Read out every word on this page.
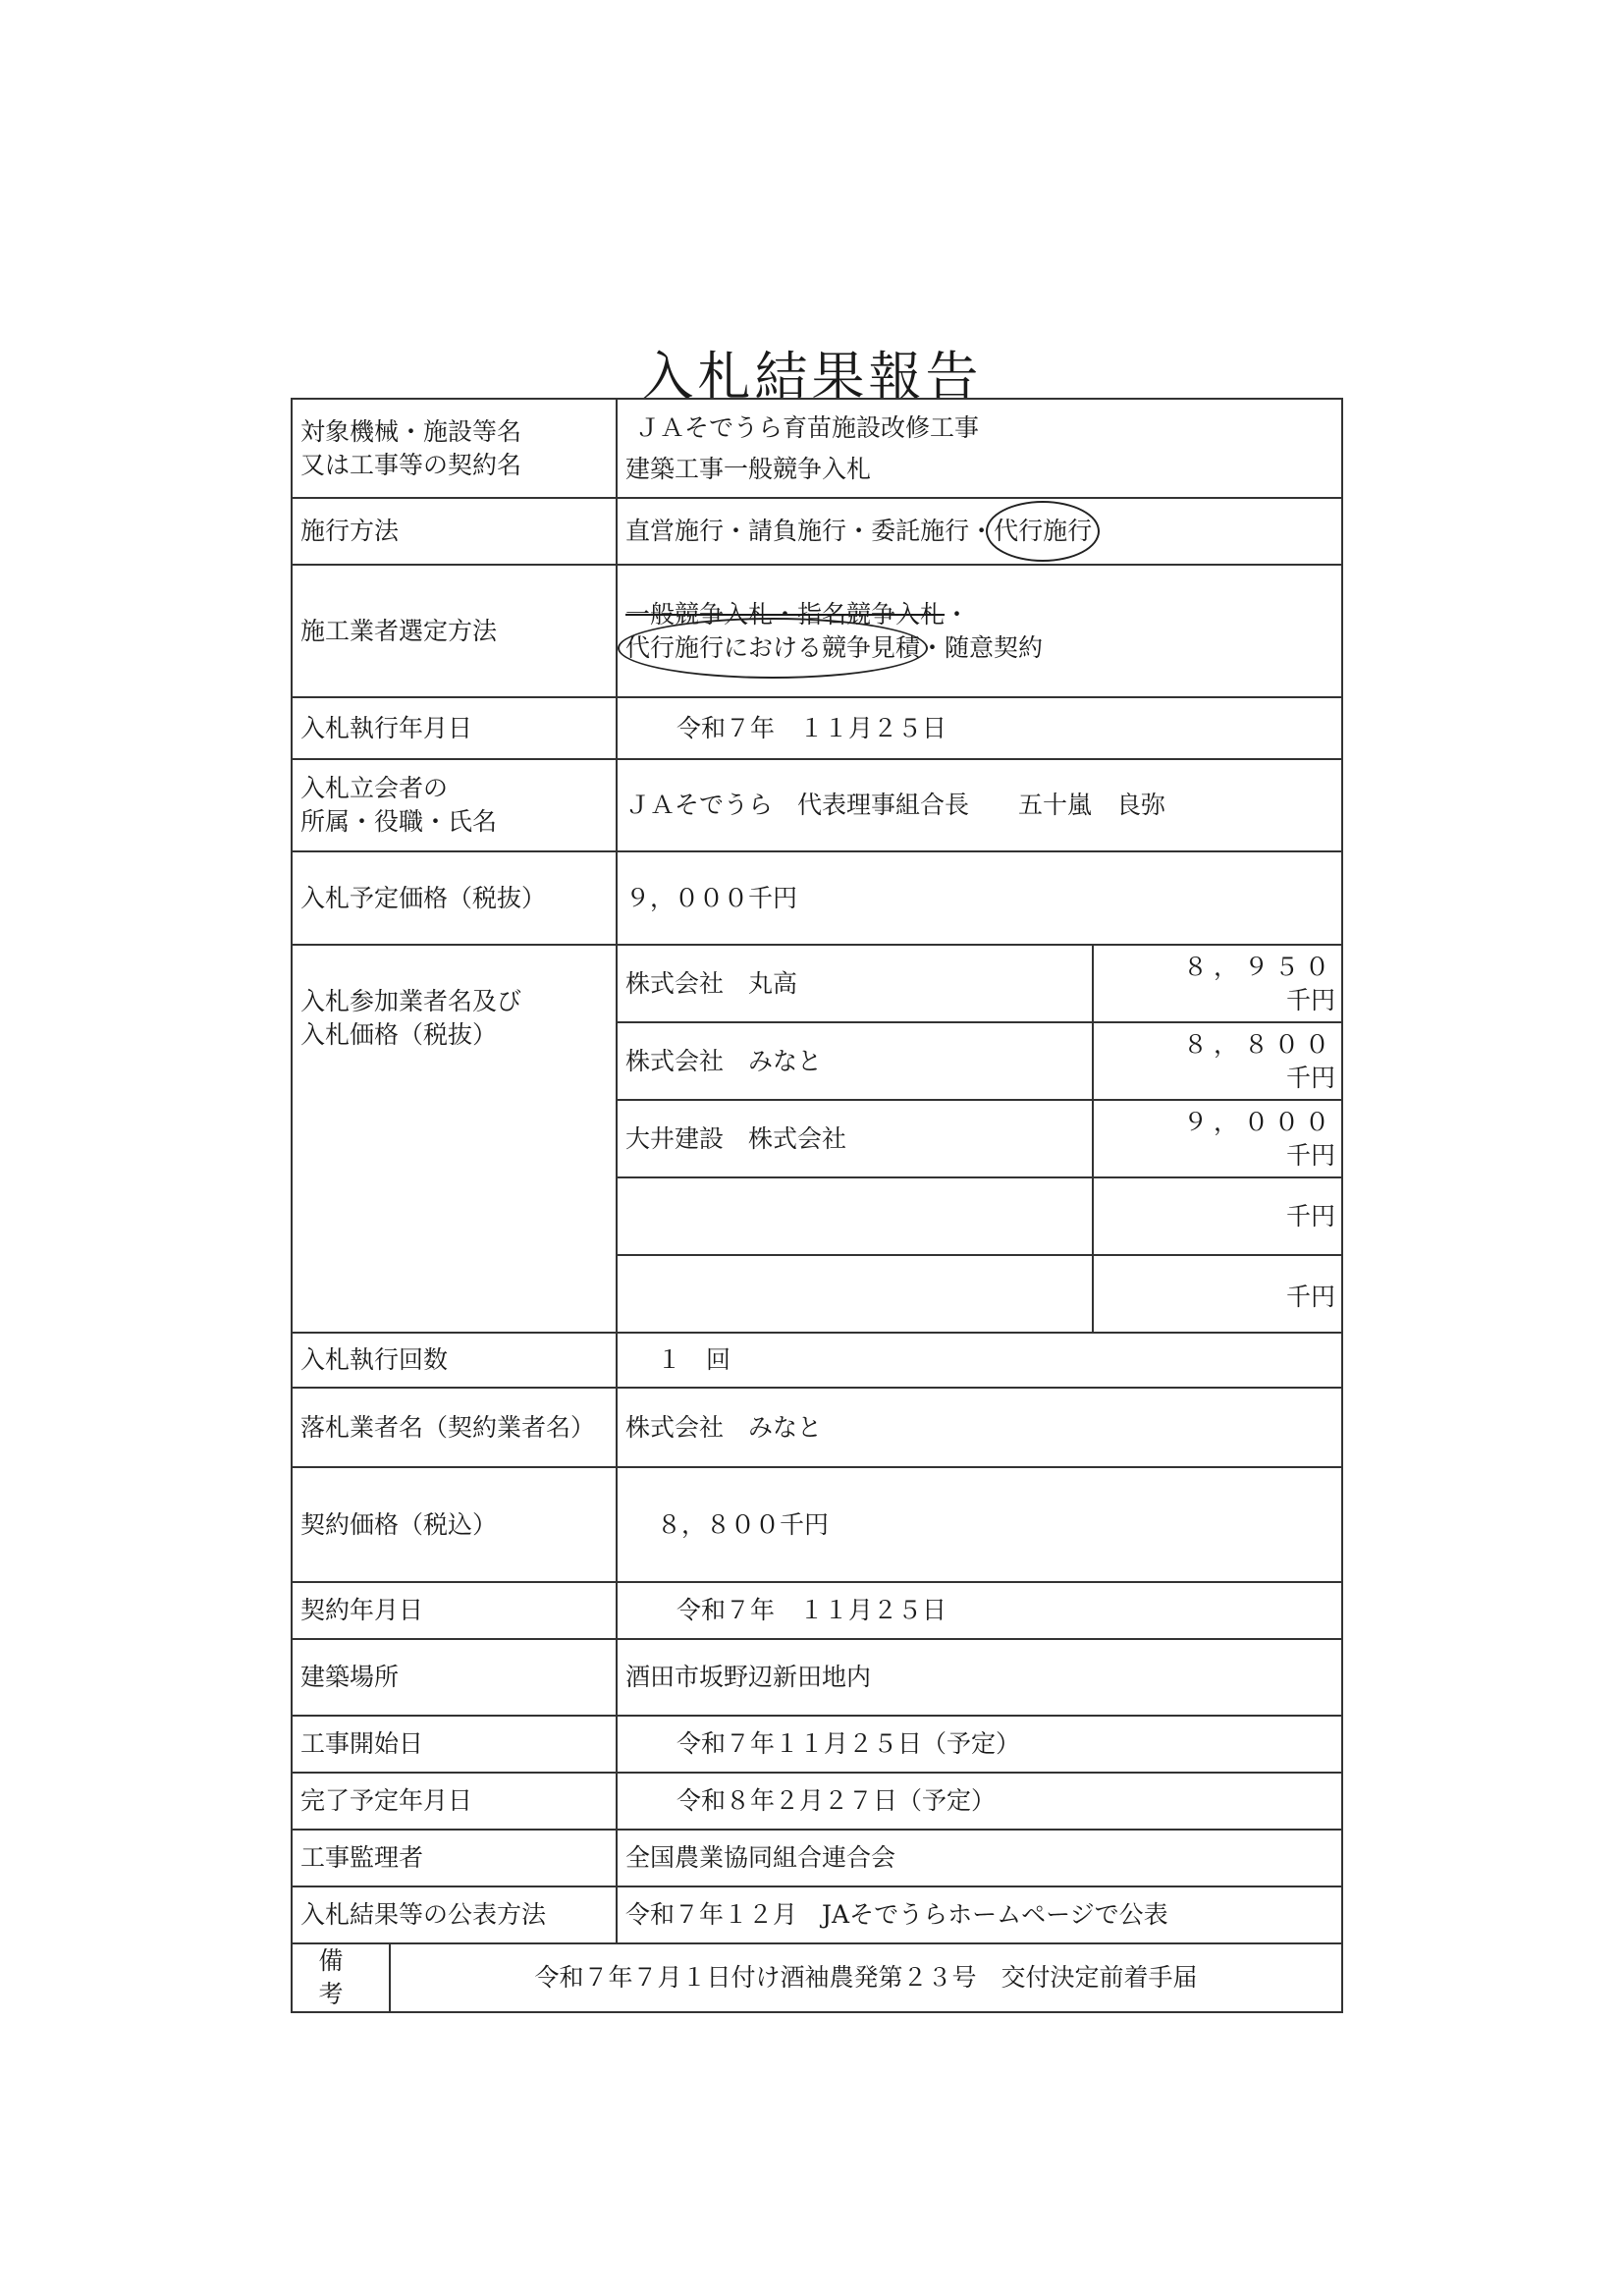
入札結果報告
対象機械・施設等名
又は工事等の契約名

ＪＡそでうら育苗施設改修工事
建築工事一般競争入札

施行方法		直営施行・請負施行・委託施行・代行施行	
施工業者選定方法		一般競争入札・指名競争入札・
代行施行における競争見積・随意契約	

入札執行年月日		令和７年　１１月２５日	

入札立会者の
所属・役職・氏名		ＪＡそでうら　代表理事組合長　　五十嵐　良弥	
入札予定価格（税抜）		９，０００千円	

入札参加業者名及び
入札価格（税抜）
	株式会社　丸高	８，９５０
千円

		株式会社　みなと	８，８００
千円

		大井建設　株式会社	９，０００
千円

			千円

			千円

入札執行回数		１　回	
落札業者名（契約業者名）		株式会社　みなと	
契約価格（税込）		８，８００千円	
契約年月日		令和７年　１１月２５日	
建築場所		酒田市坂野辺新田地内	
工事開始日		令和７年１１月２５日（予定）	
完了予定年月日		令和８年２月２７日（予定）	
工事監理者		全国農業協同組合連合会	
入札結果等の公表方法		令和７年１２月　JAそでうらホームページで公表	
備　考	令和７年７月１日付け酒袖農発第２３号　交付決定前着手届		
